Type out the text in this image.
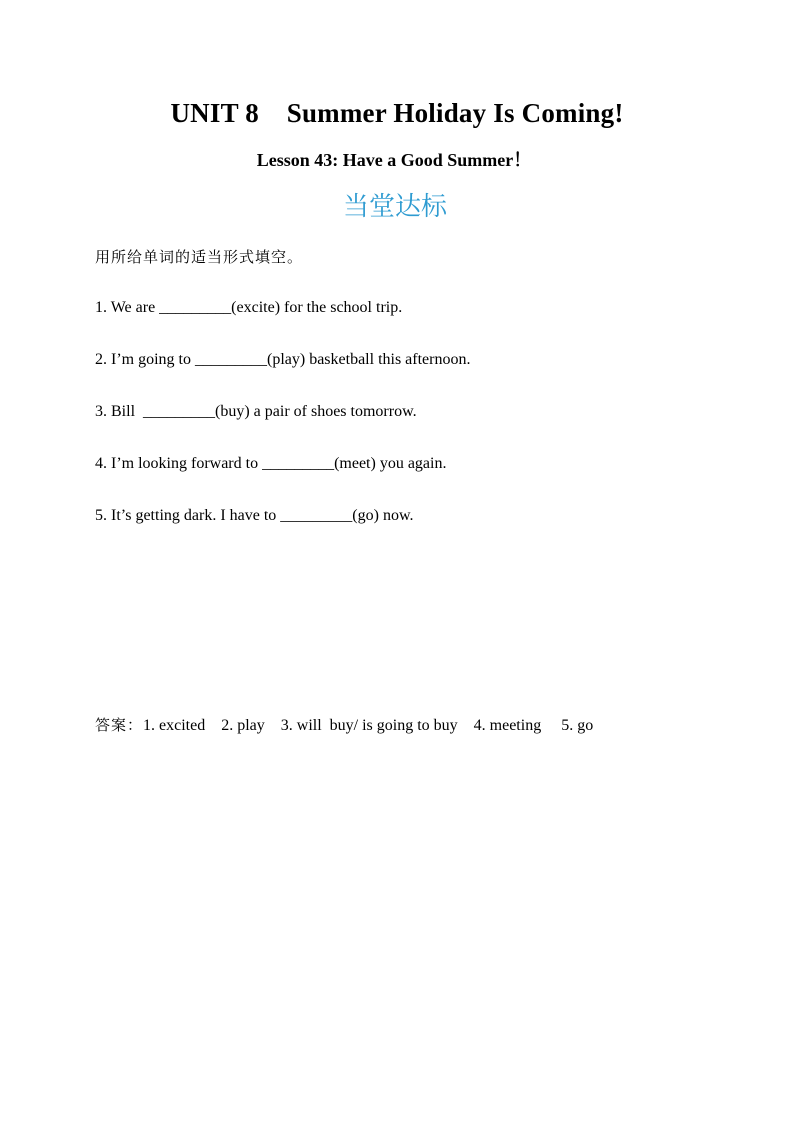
UNIT 8    Summer Holiday Is Coming!
Lesson 43: Have a Good Summer！
当堂达标
用所给单词的适当形式填空。
1. We are _________(excite) for the school trip.
2. I’m going to _________(play) basketball this afternoon.
3. Bill  _________(buy) a pair of shoes tomorrow.
4. I’m looking forward to _________(meet) you again.
5. It’s getting dark. I have to _________(go) now.
答案：1. excited    2. play    3. will  buy/ is going to buy    4. meeting     5. go
